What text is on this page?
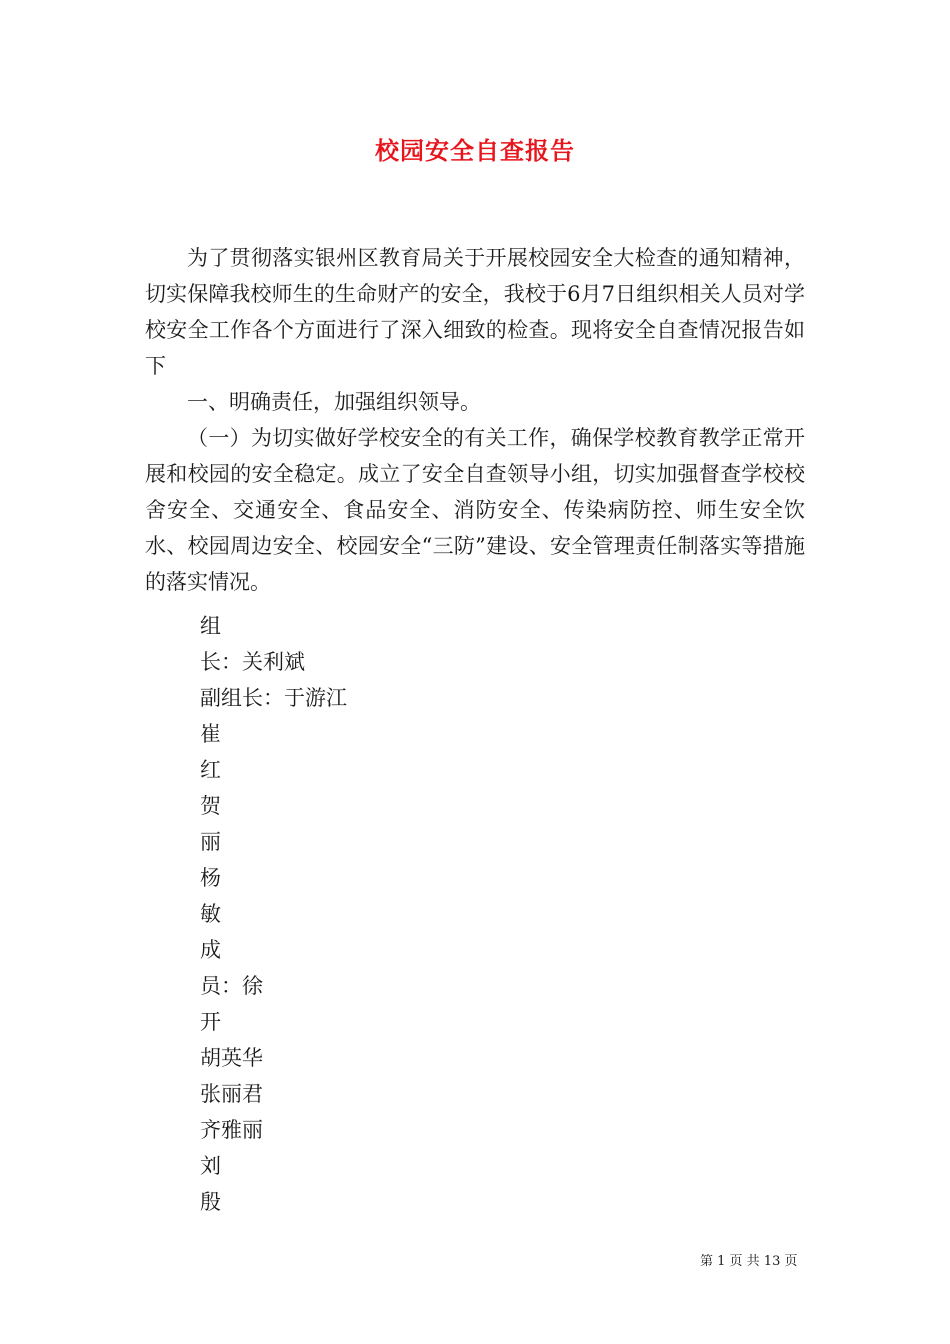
校园安全自查报告

为了贯彻落实银州区教育局关于开展校园安全大检查的通知精神，切实保障我校师生的生命财产的安全，我校于6月7日组织相关人员对学校安全工作各个方面进行了深入细致的检查。现将安全自查情况报告如下

一、明确责任，加强组织领导。

（一）为切实做好学校安全的有关工作，确保学校教育教学正常开展和校园的安全稳定。成立了安全自查领导小组，切实加强督查学校校舍安全、交通安全、食品安全、消防安全、传染病防控、师生安全饮水、校园周边安全、校园安全“三防”建设、安全管理责任制落实等措施的落实情况。

组
长：关利斌
副组长：于游江
崔
红
贺
丽
杨
敏
成
员：徐
开
胡英华
张丽君
齐雅丽
刘
殷
第 1 页 共 13 页
